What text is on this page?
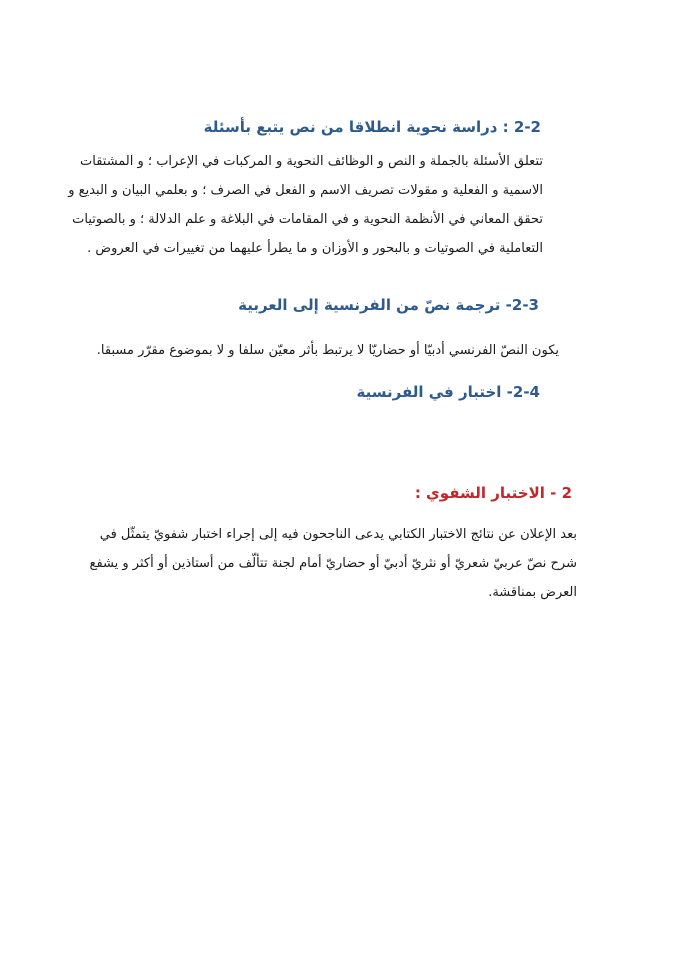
2-2 : دراسة نحوية انطلاقا من نص يتبع بأسئلة
تتعلق الأسئلة بالجملة و النص و الوظائف النحوية و المركبات في الإعراب ؛ و المشتقات
الاسمية و الفعلية و مقولات تصريف الاسم و الفعل في الصرف ؛ و بعلمي البيان و البديع و
تحقق المعاني في الأنظمة النحوية و في المقامات في البلاغة و علم الدلالة ؛ و بالصوتيات
التعاملية في الصوتيات و بالبحور و الأوزان و ما يطرأ عليهما من تغييرات في العروض .
2-3- ترجمة نصّ من الفرنسية إلى العربية
يكون النصّ الفرنسي أدبيّا أو حضاريّا لا يرتبط بأثر معيّن سلفا و لا بموضوع مقرّر مسبقا.
2-4- اختبار في الفرنسية
2 - الاختبار الشفوي :
بعد الإعلان عن نتائج الاختبار الكتابي يدعى الناجحون فيه إلى إجراء اختبار شفويّ يتمثّل في
شرح نصّ عربيّ شعريّ أو نثريّ أدبيّ أو حضاريّ أمام لجنة تتألّف من أستاذين أو أكثر و يشفع
العرض بمناقشة.
